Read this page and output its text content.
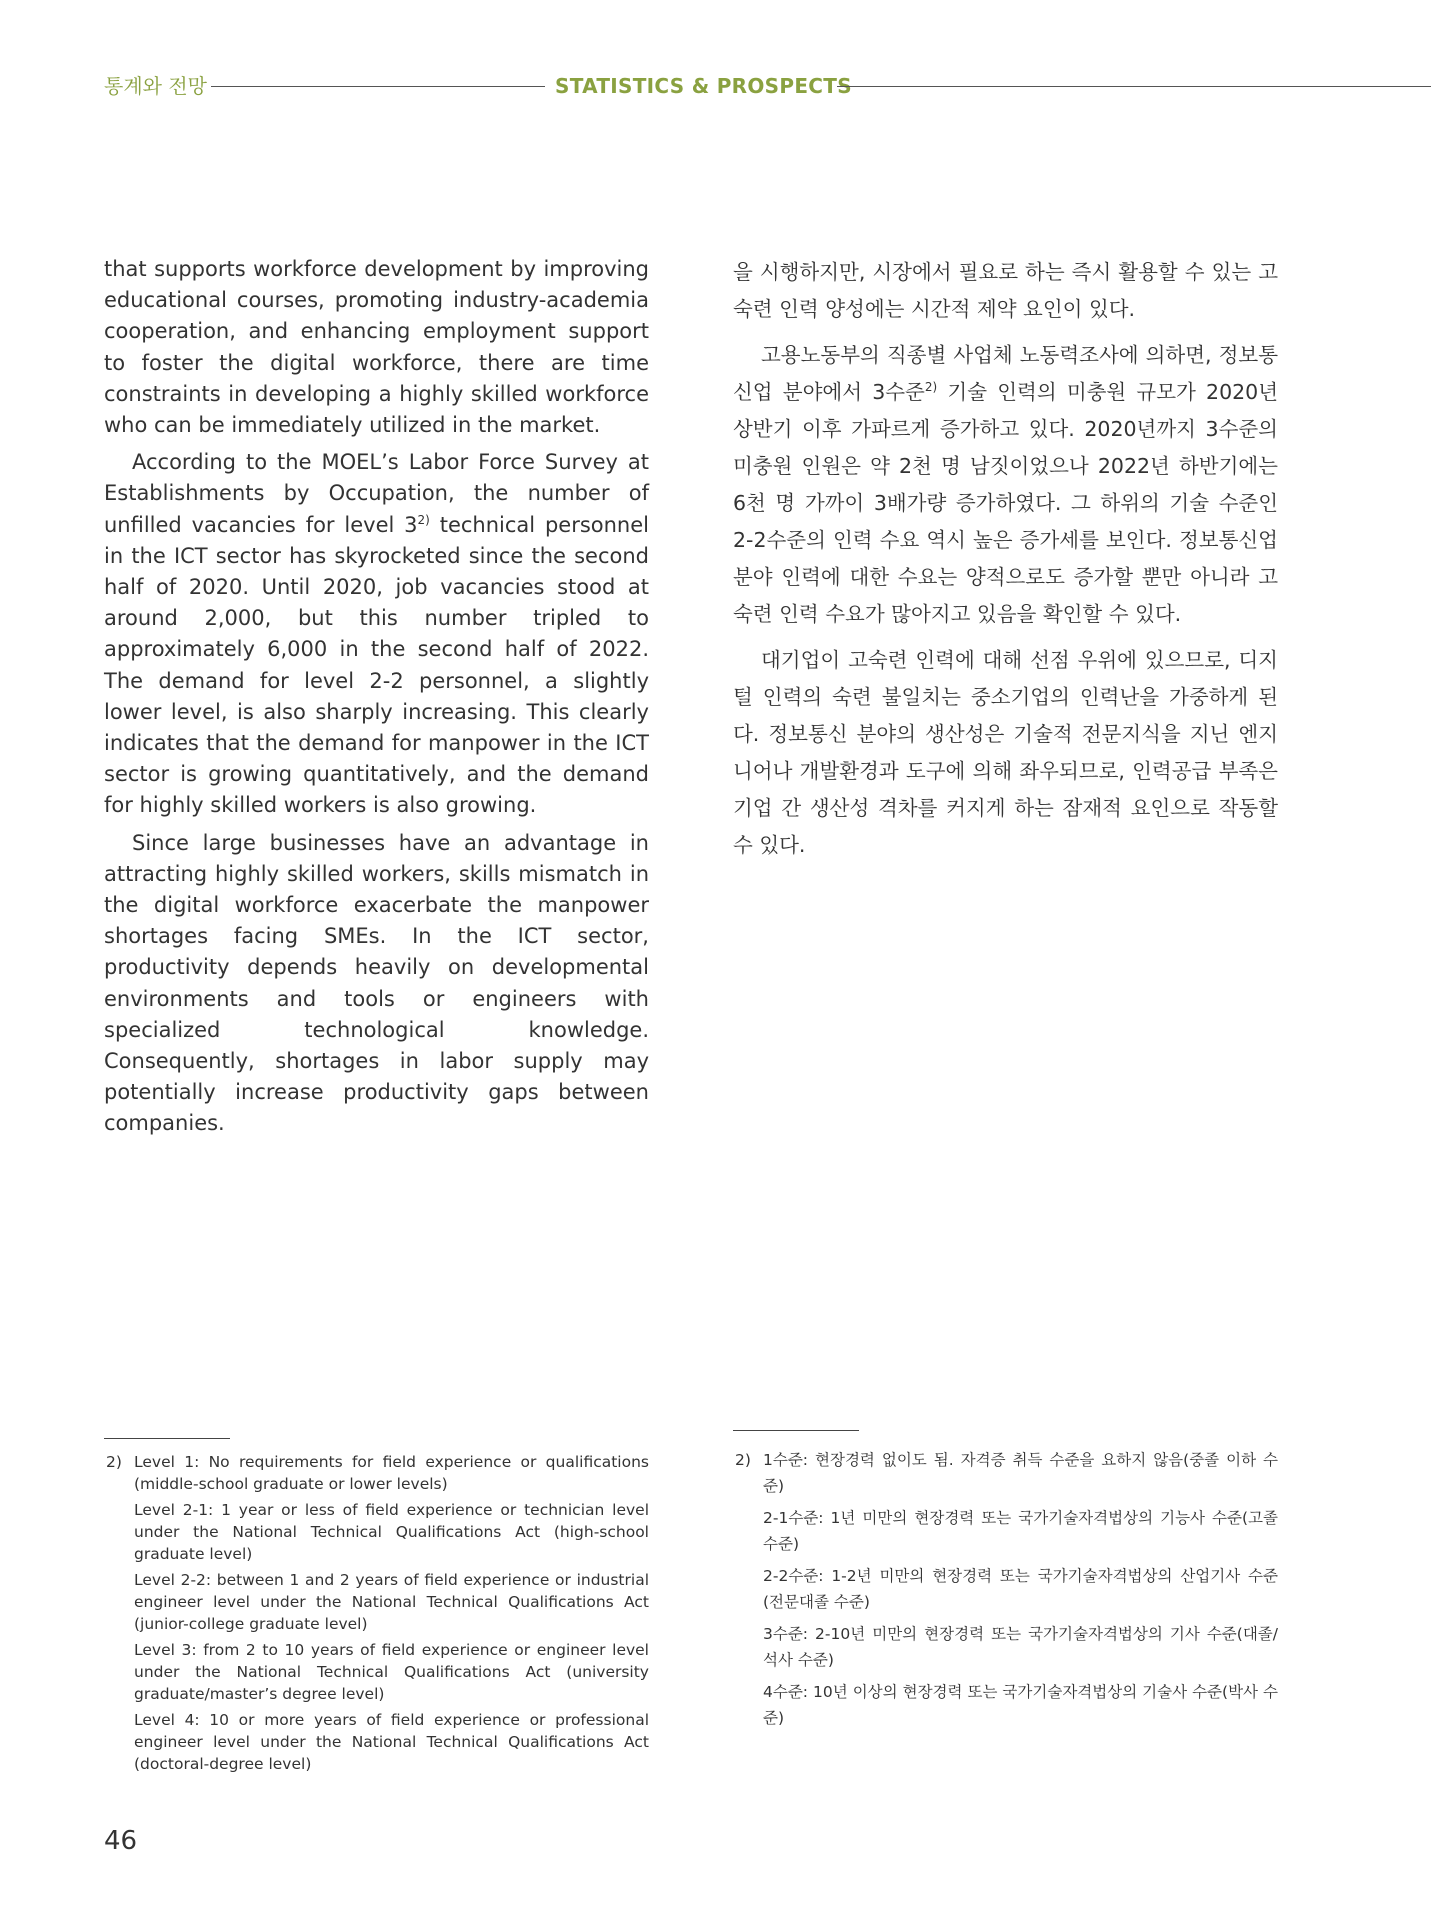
통계와 전망	STATISTICS & PROSPECTS

that supports workforce development by improving educational courses, promoting industry-academia cooperation, and enhancing employment support to foster the digital workforce, there are time constraints in developing a highly skilled workforce who can be immediately utilized in the market.

According to the MOEL’s Labor Force Survey at Establishments by Occupation, the number of unfilled vacancies for level 3$^{2)}$ technical personnel in the ICT sector has skyrocketed since the second half of 2020. Until 2020, job vacancies stood at around 2,000, but this number tripled to approximately 6,000 in the second half of 2022. The demand for level 2-2 personnel, a slightly lower level, is also sharply increasing. This clearly indicates that the demand for manpower in the ICT sector is growing quantitatively, and the demand for highly skilled workers is also growing.

Since large businesses have an advantage in attracting highly skilled workers, skills mismatch in the digital workforce exacerbate the manpower shortages facing SMEs. In the ICT sector, productivity depends heavily on developmental environments and tools or engineers with specialized technological knowledge. Consequently, shortages in labor supply may potentially increase productivity gaps between companies.

을 시행하지만, 시장에서 필요로 하는 즉시 활용할 수 있는 고숙련 인력 양성에는 시간적 제약 요인이 있다.

고용노동부의 직종별 사업체 노동력조사에 의하면, 정보통신업 분야에서 3수준$^{2)}$ 기술 인력의 미충원 규모가 2020년 상반기 이후 가파르게 증가하고 있다. 2020년까지 3수준의 미충원 인원은 약 2천 명 남짓이었으나 2022년 하반기에는 6천 명 가까이 3배가량 증가하였다. 그 하위의 기술 수준인 2-2수준의 인력 수요 역시 높은 증가세를 보인다. 정보통신업 분야 인력에 대한 수요는 양적으로도 증가할 뿐만 아니라 고숙련 인력 수요가 많아지고 있음을 확인할 수 있다.

대기업이 고숙련 인력에 대해 선점 우위에 있으므로, 디지털 인력의 숙련 불일치는 중소기업의 인력난을 가중하게 된다. 정보통신 분야의 생산성은 기술적 전문지식을 지닌 엔지니어나 개발환경과 도구에 의해 좌우되므로, 인력공급 부족은 기업 간 생산성 격차를 커지게 하는 잠재적 요인으로 작동할 수 있다.

2) Level 1: No requirements for field experience or qualifications (middle-school graduate or lower levels)
Level 2-1: 1 year or less of field experience or technician level under the National Technical Qualifications Act (high-school graduate level)
Level 2-2: between 1 and 2 years of field experience or industrial engineer level under the National Technical Qualifications Act (junior-college graduate level)
Level 3: from 2 to 10 years of field experience or engineer level under the National Technical Qualifications Act (university graduate/master’s degree level)
Level 4: 10 or more years of field experience or professional engineer level under the National Technical Qualifications Act (doctoral-degree level)
2) 1수준: 현장경력 없이도 됨. 자격증 취득 수준을 요하지 않음(중졸 이하 수준)
2-1수준: 1년 미만의 현장경력 또는 국가기술자격법상의 기능사 수준(고졸수준)
2-2수준: 1-2년 미만의 현장경력 또는 국가기술자격법상의 산업기사 수준(전문대졸 수준)
3수준: 2-10년 미만의 현장경력 또는 국가기술자격법상의 기사 수준(대졸/석사 수준)
4수준: 10년 이상의 현장경력 또는 국가기술자격법상의 기술사 수준(박사 수준)
46
